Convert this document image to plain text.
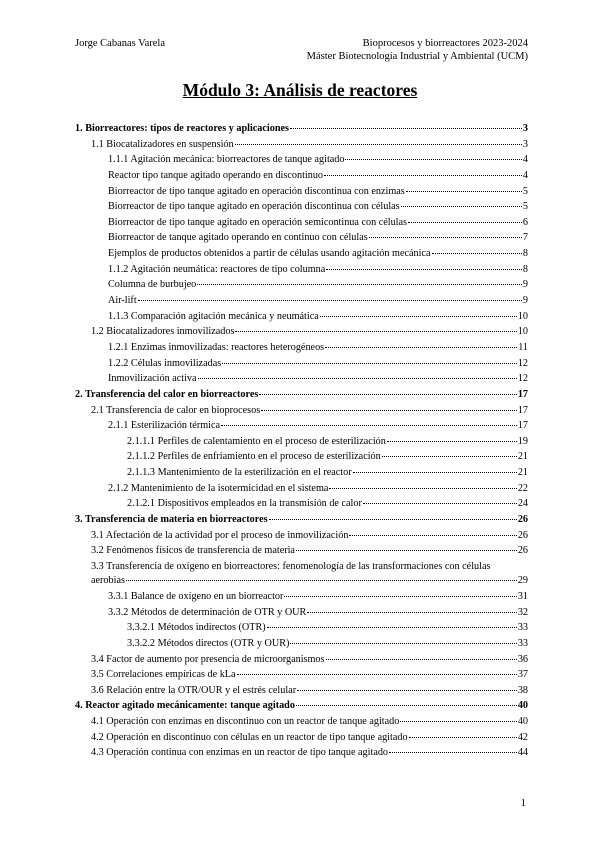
Jorge Cabanas Varela	Bioprocesos y biorreactores 2023-2024
Máster Biotecnología Industrial y Ambiental (UCM)
Módulo 3: Análisis de reactores
1. Biorreactores: tipos de reactores y aplicaciones	3
1.1 Biocatalizadores en suspensión	3
1.1.1 Agitación mecánica: biorreactores de tanque agitado	4
Reactor tipo tanque agitado operando en discontinuo	4
Biorreactor de tipo tanque agitado en operación discontinua con enzimas	5
Biorreactor de tipo tanque agitado en operación discontinua con células	5
Biorreactor de tipo tanque agitado en operación semicontinua con células	6
Biorreactor de tanque agitado operando en continuo con células	7
Ejemplos de productos obtenidos a partir de células usando agitación mecánica	8
1.1.2 Agitación neumática: reactores de tipo columna	8
Columna de burbujeo	9
Air-lift	9
1.1.3 Comparación agitación mecánica y neumática	10
1.2 Biocatalizadores inmovilizados	10
1.2.1 Enzimas inmovilizadas: reactores heterogéneos	11
1.2.2 Células inmovilizadas	12
Inmovilización activa	12
2. Transferencia del calor en biorreactores	17
2.1 Transferencia de calor en bioprocesos	17
2.1.1 Esterilización térmica	17
2.1.1.1 Perfiles de calentamiento en el proceso de esterilización	19
2.1.1.2 Perfiles de enfriamiento en el proceso de esterilización	21
2.1.1.3 Mantenimiento de la esterilización en el reactor	21
2.1.2 Mantenimiento de la isotermicidad en el sistema	22
2.1.2.1 Dispositivos empleados en la transmisión de calor	24
3. Transferencia de materia en biorreactores	26
3.1 Afectación de la actividad por el proceso de inmovilización	26
3.2 Fenómenos físicos de transferencia de materia	26
3.3 Transferencia de oxígeno en biorreactores: fenomenología de las transformaciones con células
aerobias	29
3.3.1 Balance de oxígeno en un biorreactor	31
3.3.2 Métodos de determinación de OTR y OUR	32
3.3.2.1 Métodos indirectos (OTR)	33
3.3.2.2 Métodos directos (OTR y OUR)	33
3.4 Factor de aumento por presencia de microorganismos	36
3.5 Correlaciones empíricas de kLa	37
3.6 Relación entre la OTR/OUR y el estrés celular	38
4. Reactor agitado mecánicamente: tanque agitado	40
4.1 Operación con enzimas en discontinuo con un reactor de tanque agitado	40
4.2 Operación en discontinuo con células en un reactor de tipo tanque agitado	42
4.3 Operación continua con enzimas en un reactor de tipo tanque agitado	44
1
